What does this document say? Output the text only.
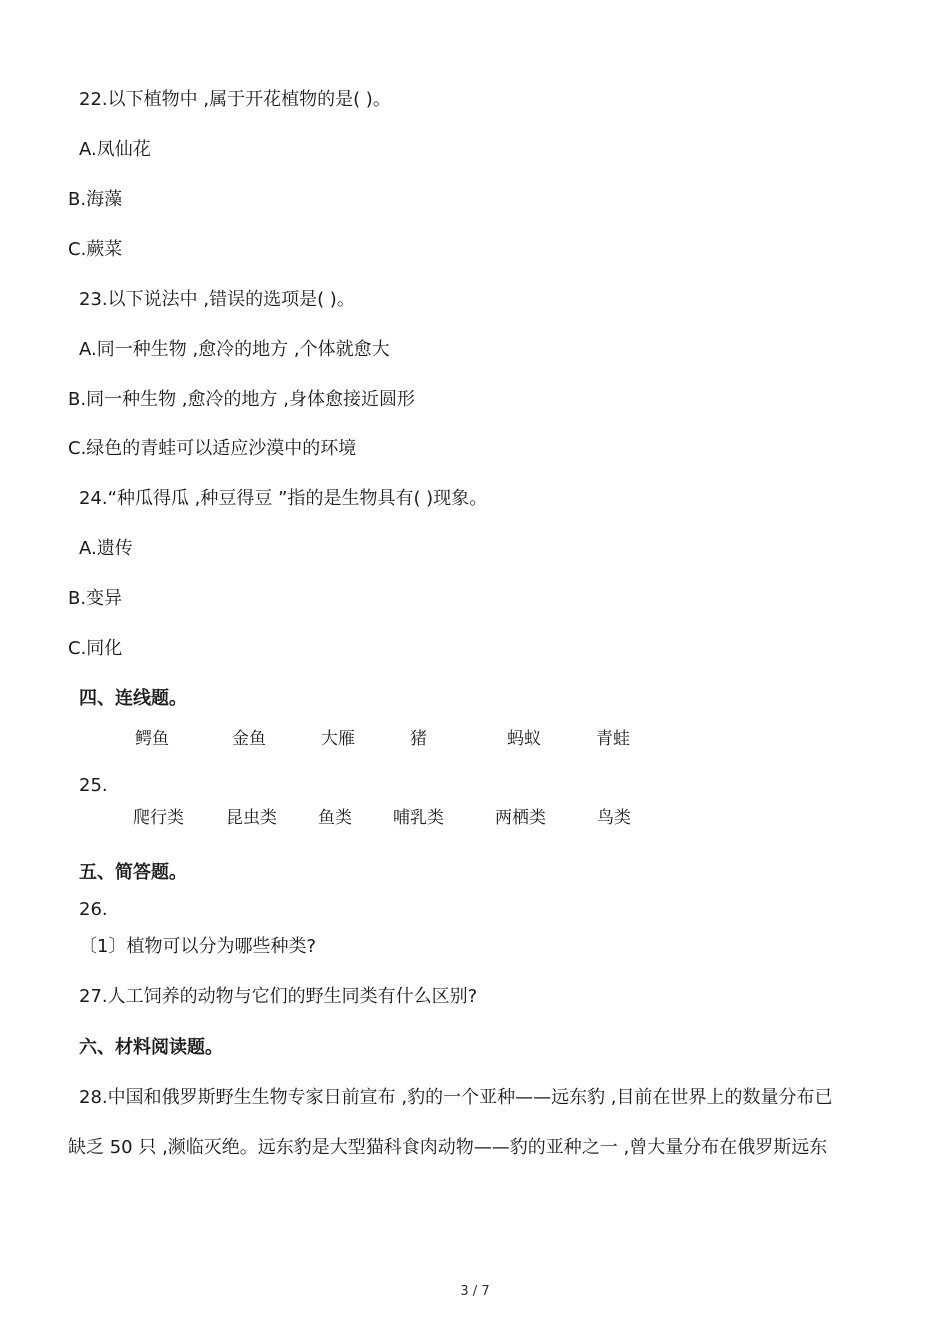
22.以下植物中 ,属于开花植物的是( )。
A.凤仙花
B.海藻
C.蕨菜
23.以下说法中 ,错误的选项是( )。
A.同一种生物 ,愈冷的地方 ,个体就愈大
B.同一种生物 ,愈冷的地方 ,身体愈接近圆形
C.绿色的青蛙可以适应沙漠中的环境
24.“种瓜得瓜 ,种豆得豆 ”指的是生物具有( )现象。
A.遗传
B.变异
C.同化
四、连线题。
鳄鱼	金鱼	大雁	猪	蚂蚁	青蛙
25.
爬行类 昆虫类 鱼类 哺乳类	两栖类	鸟类
五、简答题。
26.
〔1〕植物可以分为哪些种类?
27.人工饲养的动物与它们的野生同类有什么区别?
六、材料阅读题。
28.中国和俄罗斯野生生物专家日前宣布 ,豹的一个亚种——远东豹 ,目前在世界上的数量分布已
缺乏 50 只 ,濒临灭绝。远东豹是大型猫科食肉动物——豹的亚种之一 ,曾大量分布在俄罗斯远东
3 / 7
